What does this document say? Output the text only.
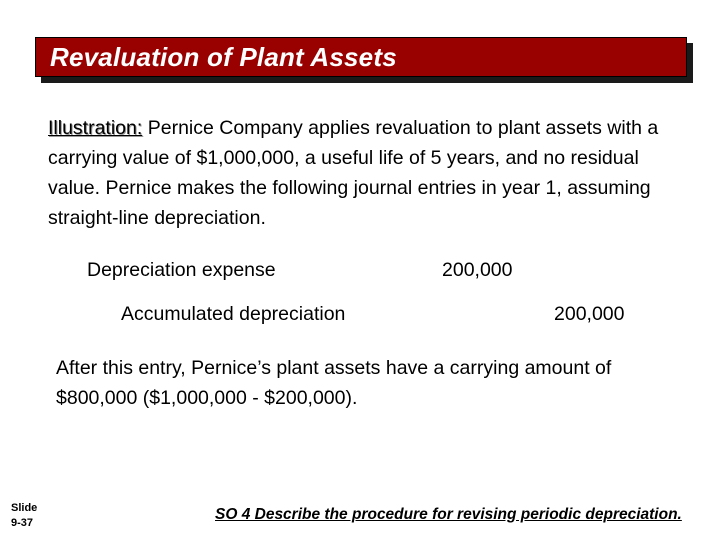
Revaluation of Plant Assets
Illustration: Pernice Company applies revaluation to plant assets with a carrying value of $1,000,000, a useful life of 5 years, and no residual value. Pernice makes the following journal entries in year 1, assuming straight-line depreciation.
Depreciation expense	200,000
Accumulated depreciation	200,000
After this entry, Pernice’s plant assets have a carrying amount of $800,000 ($1,000,000 - $200,000).
Slide
9-37	SO 4 Describe the procedure for revising periodic depreciation.
